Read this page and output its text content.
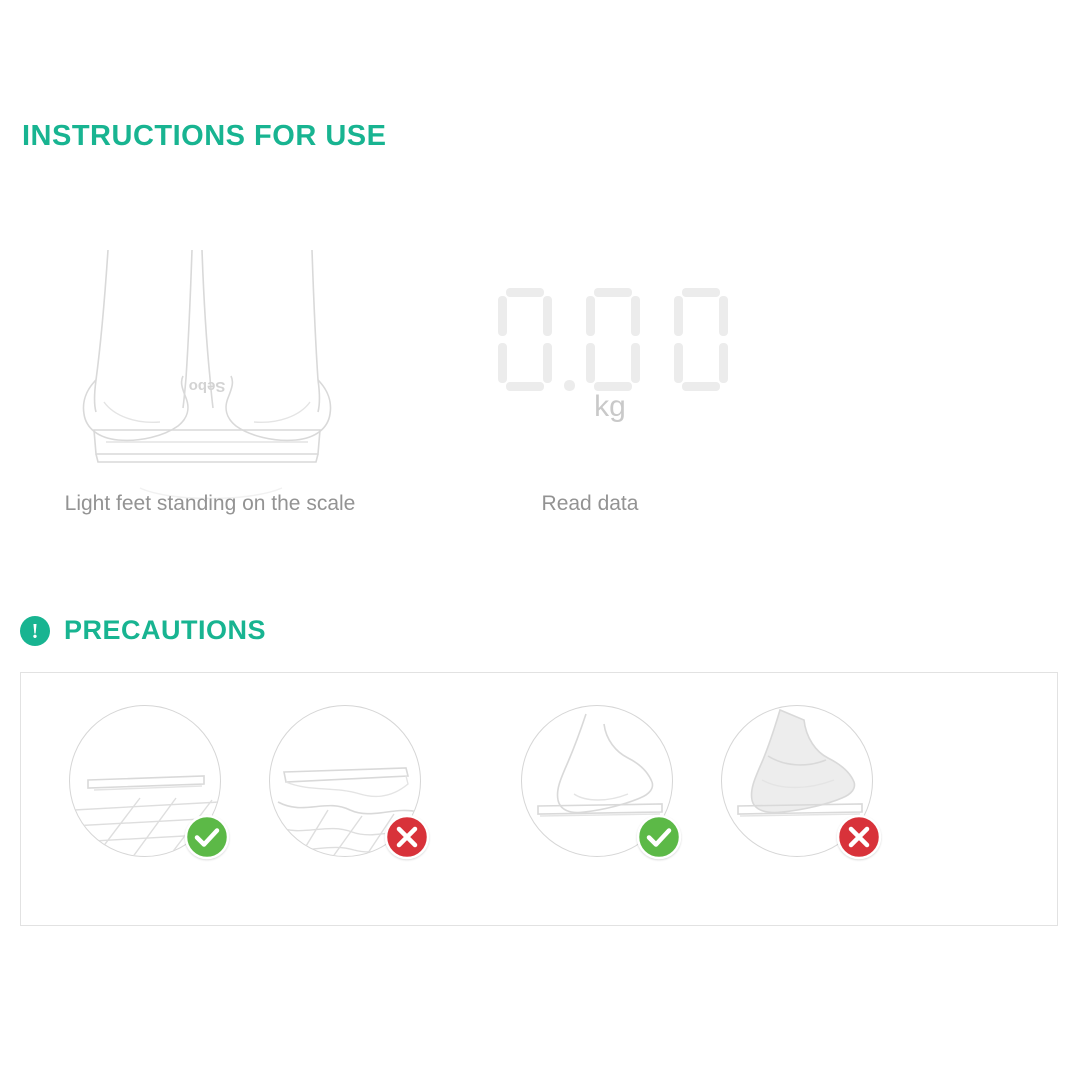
INSTRUCTIONS FOR USE
Sebo
Light feet standing on the scale
kg
Read data
! PRECAUTIONS
